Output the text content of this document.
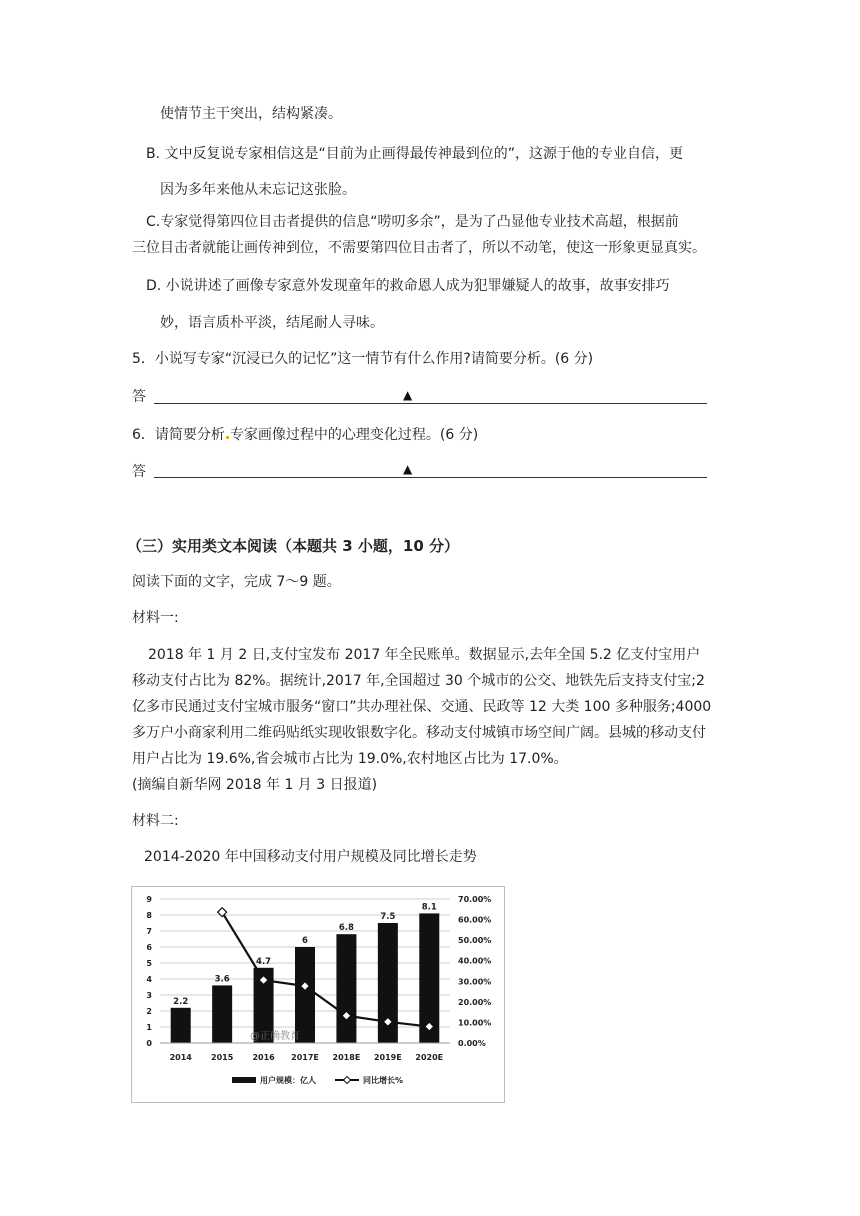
使情节主干突出，结构紧凑。
B. 文中反复说专家相信这是“目前为止画得最传神最到位的”，这源于他的专业自信，更
因为多年来他从未忘记这张脸。
C.专家觉得第四位目击者提供的信息“唠叨多余”，是为了凸显他专业技术高超，根据前
三位目击者就能让画传神到位，不需要第四位目击者了，所以不动笔，使这一形象更显真实。
D. 小说讲述了画像专家意外发现童年的救命恩人成为犯罪嫌疑人的故事，故事安排巧
妙，语言质朴平淡，结尾耐人寻味。
5．小说写专家“沉浸已久的记忆”这一情节有什么作用?请简要分析。(6 分)
答	▲
6．请简要分析 专家画像过程中的心理变化过程。(6 分)
答	▲
（三）实用类文本阅读（本题共 3 小题，10 分）
阅读下面的文字，完成 7～9 题。
材料一:
2018 年 1 月 2 日,支付宝发布 2017 年全民账单。数据显示,去年全国 5.2 亿支付宝用户移动支付占比为 82%。据统计,2017 年,全国超过 30 个城市的公交、地铁先后支持支付宝;2 亿多市民通过支付宝城市服务“窗口”共办理社保、交通、民政等 12 大类 100 多种服务;4000 多万户小商家利用二维码贴纸实现收银数字化。移动支付城镇市场空间广阔。县城的移动支付用户占比为 19.6%,省会城市占比为 19.0%,农村地区占比为 17.0%。
(摘编自新华网 2018 年 1 月 3 日报道)
材料二:
2014-2020 年中国移动支付用户规模及同比增长走势
0
1
2
3
4
5
6
7
8
9
0.00%
10.00%
20.00%
30.00%
40.00%
50.00%
60.00%
70.00%
2.2
3.6
4.7
6
6.8
7.5
8.1
2014 2015 2016 2017E 2018E 2019E 2020E
@正确教育
用户规模：亿人	同比增长%
